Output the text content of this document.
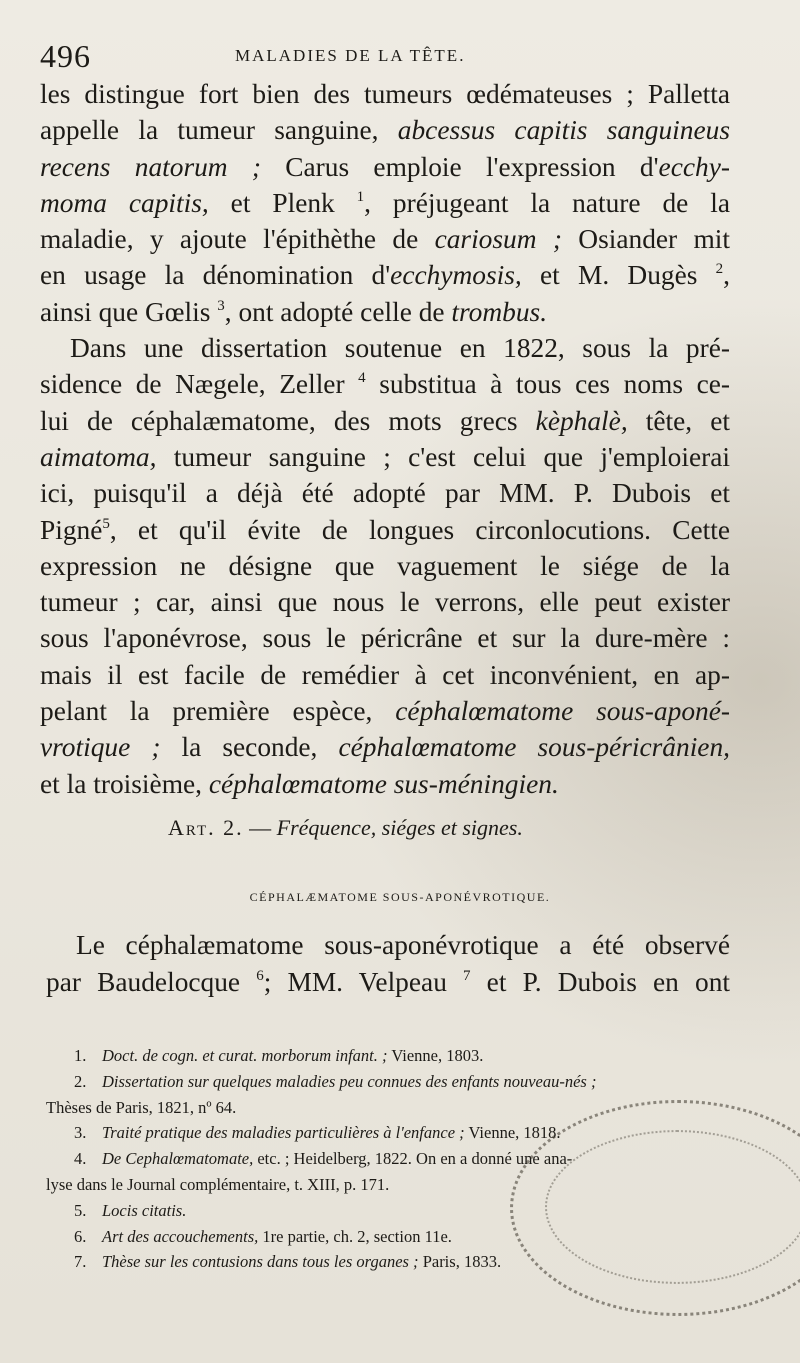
496	MALADIES DE LA TÊTE.
les distingue fort bien des tumeurs œdémateuses ; Palletta
appelle la tumeur sanguine, abcessus capitis sanguineus
recens natorum ; Carus emploie l'expression d'ecchy-
moma capitis, et Plenk $^1$, préjugeant la nature de la
maladie, y ajoute l'épithèthe de cariosum ; Osiander mit
en usage la dénomination d'ecchymosis, et M. Dugès $^2$,
ainsi que Gœlis $^3$, ont adopté celle de trombus.
Dans une dissertation soutenue en 1822, sous la pré-
sidence de Nægele, Zeller $^4$ substitua à tous ces noms ce-
lui de céphalæmatome, des mots grecs kèphalè, tête, et
aimatoma, tumeur sanguine ; c'est celui que j'emploierai
ici, puisqu'il a déjà été adopté par MM. P. Dubois et
Pigné$^5$, et qu'il évite de longues circonlocutions. Cette
expression ne désigne que vaguement le siége de la
tumeur ; car, ainsi que nous le verrons, elle peut exister
sous l'aponévrose, sous le péricrâne et sur la dure-mère :
mais il est facile de remédier à cet inconvénient, en ap-
pelant la première espèce, céphalœmatome sous-aponé-
vrotique ; la seconde, céphalœmatome sous-péricrânien,
et la troisième, céphalœmatome sus-méningien.
Art. 2. — Fréquence, siéges et signes.
CÉPHALÆMATOME SOUS-APONÉVROTIQUE.
Le céphalæmatome sous-aponévrotique a été observé
par Baudelocque $^6$; MM. Velpeau $^7$ et P. Dubois en ont
1. Doct. de cogn. et curat. morborum infant. ; Vienne, 1803.
2. Dissertation sur quelques maladies peu connues des enfants nouveau-nés ;
Thèses de Paris, 1821, nº 64.
3. Traité pratique des maladies particulières à l'enfance ; Vienne, 1818.
4. De Cephalœmatomate, etc. ; Heidelberg, 1822. On en a donné une ana-
lyse dans le Journal complémentaire, t. XIII, p. 171.
5. Locis citatis.
6. Art des accouchements, 1re partie, ch. 2, section 11e.
7. Thèse sur les contusions dans tous les organes ; Paris, 1833.
